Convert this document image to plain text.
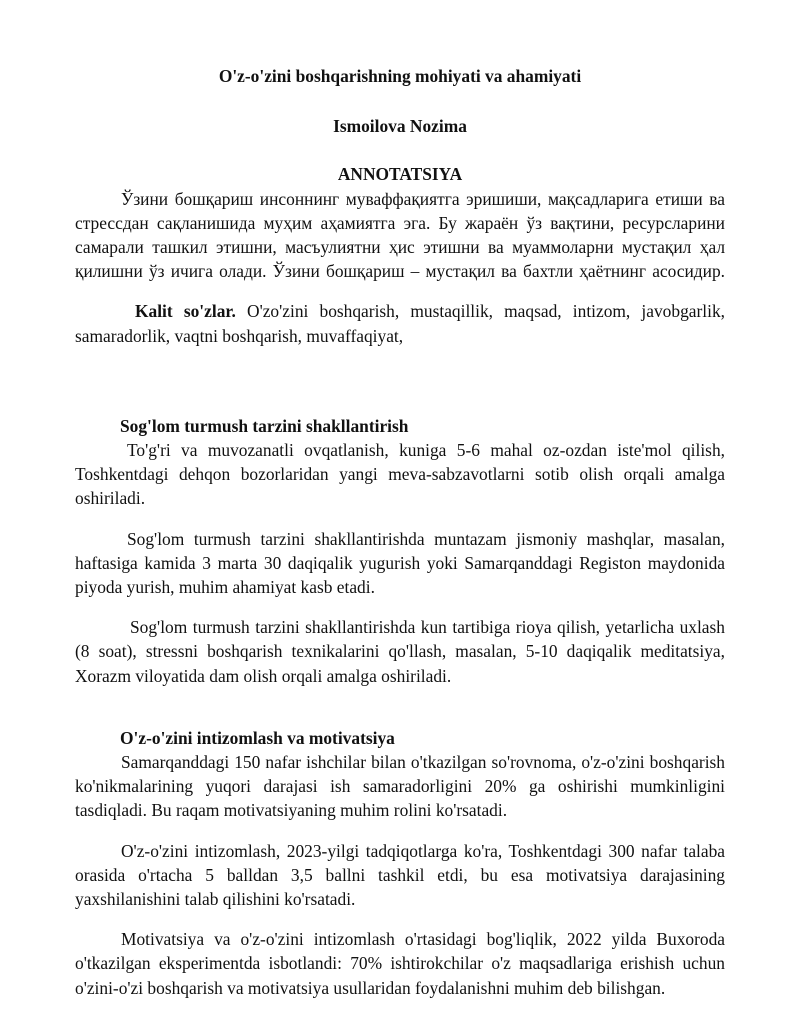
O'z-o'zini boshqarishning mohiyati va ahamiyati

Ismoilova Nozima

ANNOTATSIYA

Ўзини бошқариш инсоннинг муваффақиятга эришиши, мақсадларига етиши ва стрессдан сақланишида муҳим аҳамиятга эга. Бу жараён ўз вақтини, ресурсларини самарали ташкил этишни, масъулиятни ҳис этишни ва муаммоларни мустақил ҳал қилишни ўз ичига олади. Ўзини бошқариш – мустақил ва бахтли ҳаётнинг асосидир.

Kalit so'zlar. O'zo'zini boshqarish, mustaqillik, maqsad, intizom, javobgarlik, samaradorlik, vaqtni boshqarish, muvaffaqiyat,

Sog'lom turmush tarzini shakllantirish

To'g'ri va muvozanatli ovqatlanish, kuniga 5-6 mahal oz-ozdan iste'mol qilish, Toshkentdagi dehqon bozorlaridan yangi meva-sabzavotlarni sotib olish orqali amalga oshiriladi.

Sog'lom turmush tarzini shakllantirishda muntazam jismoniy mashqlar, masalan, haftasiga kamida 3 marta 30 daqiqalik yugurish yoki Samarqanddagi Registon maydonida piyoda yurish, muhim ahamiyat kasb etadi.

Sog'lom turmush tarzini shakllantirishda kun tartibiga rioya qilish, yetarlicha uxlash (8 soat), stressni boshqarish texnikalarini qo'llash, masalan, 5-10 daqiqalik meditatsiya, Xorazm viloyatida dam olish orqali amalga oshiriladi.

O'z-o'zini intizomlash va motivatsiya

Samarqanddagi 150 nafar ishchilar bilan o'tkazilgan so'rovnoma, o'z-o'zini boshqarish ko'nikmalarining yuqori darajasi ish samaradorligini 20% ga oshirishi mumkinligini tasdiqladi. Bu raqam motivatsiyaning muhim rolini ko'rsatadi.

O'z-o'zini intizomlash, 2023-yilgi tadqiqotlarga ko'ra, Toshkentdagi 300 nafar talaba orasida o'rtacha 5 balldan 3,5 ballni tashkil etdi, bu esa motivatsiya darajasining yaxshilanishini talab qilishini ko'rsatadi.

Motivatsiya va o'z-o'zini intizomlash o'rtasidagi bog'liqlik, 2022 yilda Buxoroda o'tkazilgan eksperimentda isbotlandi: 70% ishtirokchilar o'z maqsadlariga erishish uchun o'zini-o'zi boshqarish va motivatsiya usullaridan foydalanishni muhim deb bilishgan.
